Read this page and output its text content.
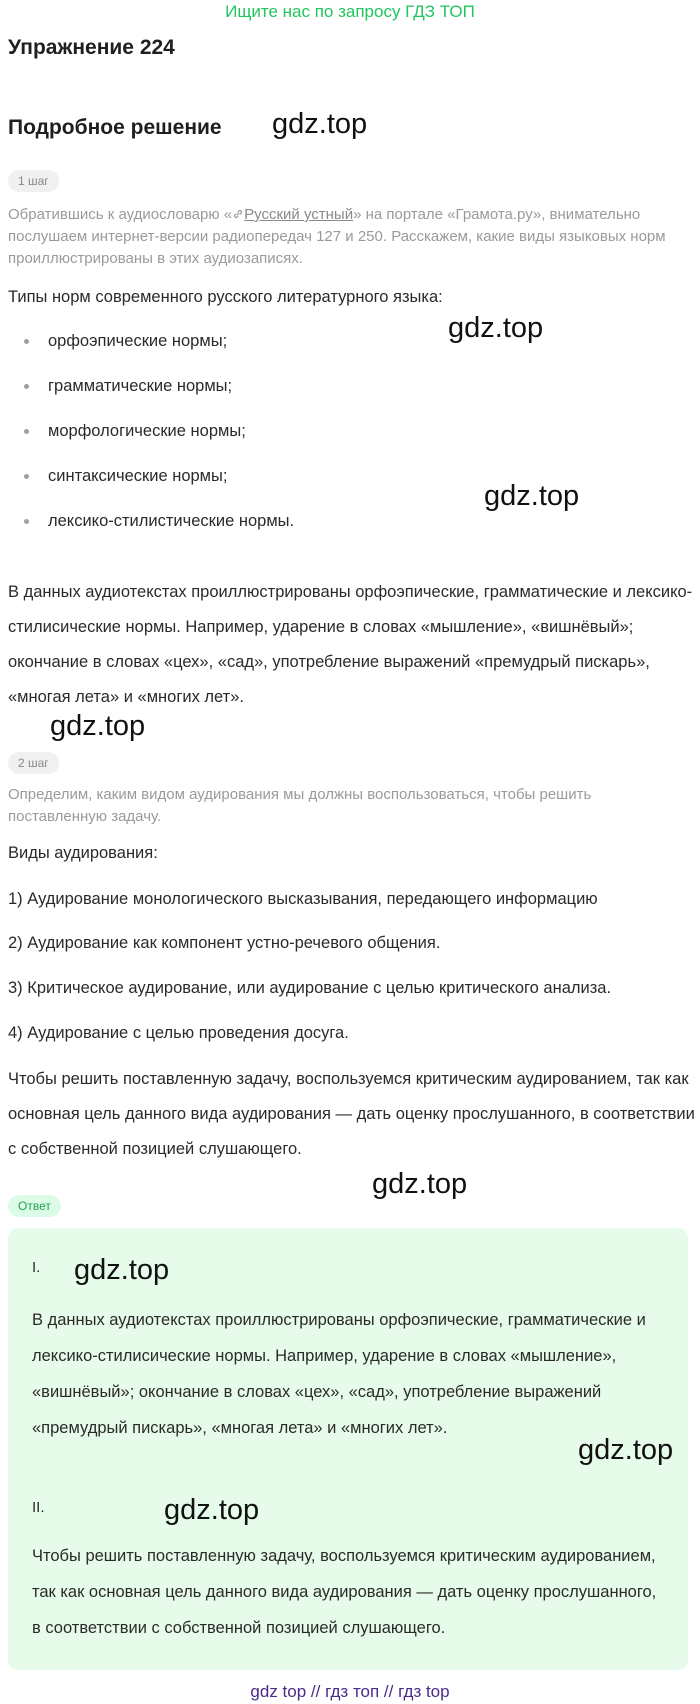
Ищите нас по запросу ГДЗ ТОП
Упражнение 224
Подробное решение gdz.top
1 шаг
Обратившись к аудиословарю « Русский устный» на портале «Грамота.ру», внимательно послушаем интернет-версии радиопередач 127 и 250. Расскажем, какие виды языковых норм проиллюстрированы в этих аудиозаписях.
Типы норм современного русского литературного языка:
gdz.top
орфоэпические нормы;
грамматические нормы;
морфологические нормы;
синтаксические нормы;
лексико-стилистические нормы.
gdz.top
В данных аудиотекстах проиллюстрированы орфоэпические, грамматические и лексико-стилисические нормы. Например, ударение в словах «мышление», «вишнёвый»; окончание в словах «цех», «сад», употребление выражений «премудрый пискарь», «многая лета» и «многих лет».
gdz.top
2 шаг
Определим, каким видом аудирования мы должны воспользоваться, чтобы решить поставленную задачу.
Виды аудирования:
1) Аудирование монологического высказывания, передающего информацию
2) Аудирование как компонент устно-речевого общения.
3) Критическое аудирование, или аудирование с целью критического анализа.
4) Аудирование с целью проведения досуга.
Чтобы решить поставленную задачу, воспользуемся критическим аудированием, так как основная цель данного вида аудирования — дать оценку прослушанного, в соответствии с собственной позицией слушающего.
gdz.top
Ответ
I. gdz.top
В данных аудиотекстах проиллюстрированы орфоэпические, грамматические и лексико-стилисические нормы. Например, ударение в словах «мышление», «вишнёвый»; окончание в словах «цех», «сад», употребление выражений «премудрый пискарь», «многая лета» и «многих лет».
gdz.top
II.	gdz.top
Чтобы решить поставленную задачу, воспользуемся критическим аудированием, так как основная цель данного вида аудирования — дать оценку прослушанного, в соответствии с собственной позицией слушающего.
gdz top // гдз топ // гдз top
